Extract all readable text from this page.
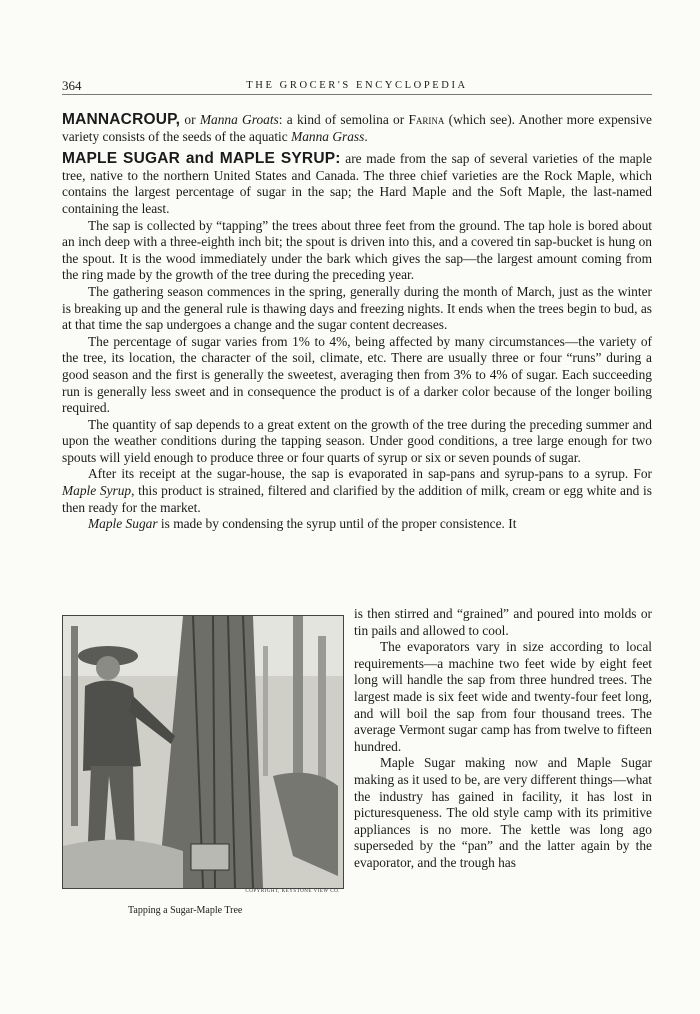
364	THE GROCER'S ENCYCLOPEDIA

MANNACROUP, or Manna Groats: a kind of semolina or Farina (which see). Another more expensive variety consists of the seeds of the aquatic Manna Grass.

MAPLE SUGAR and MAPLE SYRUP: are made from the sap of several varieties of the maple tree, native to the northern United States and Canada. The three chief varieties are the Rock Maple, which contains the largest percentage of sugar in the sap; the Hard Maple and the Soft Maple, the last-named containing the least.

The sap is collected by “tapping” the trees about three feet from the ground. The tap hole is bored about an inch deep with a three-eighth inch bit; the spout is driven into this, and a covered tin sap-bucket is hung on the spout. It is the wood immediately under the bark which gives the sap—the largest amount coming from the ring made by the growth of the tree during the preceding year.

The gathering season commences in the spring, generally during the month of March, just as the winter is breaking up and the general rule is thawing days and freezing nights. It ends when the trees begin to bud, as at that time the sap undergoes a change and the sugar content decreases.

The percentage of sugar varies from 1% to 4%, being affected by many circumstances—the variety of the tree, its location, the character of the soil, climate, etc. There are usually three or four “runs” during a good season and the first is generally the sweetest, averaging then from 3% to 4% of sugar. Each succeeding run is generally less sweet and in consequence the product is of a darker color because of the longer boiling required.

The quantity of sap depends to a great extent on the growth of the tree during the preceding summer and upon the weather conditions during the tapping season. Under good conditions, a tree large enough for two spouts will yield enough to produce three or four quarts of syrup or six or seven pounds of sugar.

After its receipt at the sugar-house, the sap is evaporated in sap-pans and syrup-pans to a syrup. For Maple Syrup, this product is strained, filtered and clarified by the addition of milk, cream or egg white and is then ready for the market.

Maple Sugar is made by condensing the syrup until of the proper consistence. It

COPYRIGHT, KEYSTONE VIEW CO.
Tapping a Sugar-Maple Tree

is then stirred and “grained” and poured into molds or tin pails and allowed to cool.

The evaporators vary in size according to local requirements—a machine two feet wide by eight feet long will handle the sap from three hundred trees. The largest made is six feet wide and twenty-four feet long, and will boil the sap from four thousand trees. The average Vermont sugar camp has from twelve to fifteen hundred.

Maple Sugar making now and Maple Sugar making as it used to be, are very different things—what the industry has gained in facility, it has lost in picturesqueness. The old style camp with its primitive appliances is no more. The kettle was long ago superseded by the “pan” and the latter again by the evaporator, and the trough has
